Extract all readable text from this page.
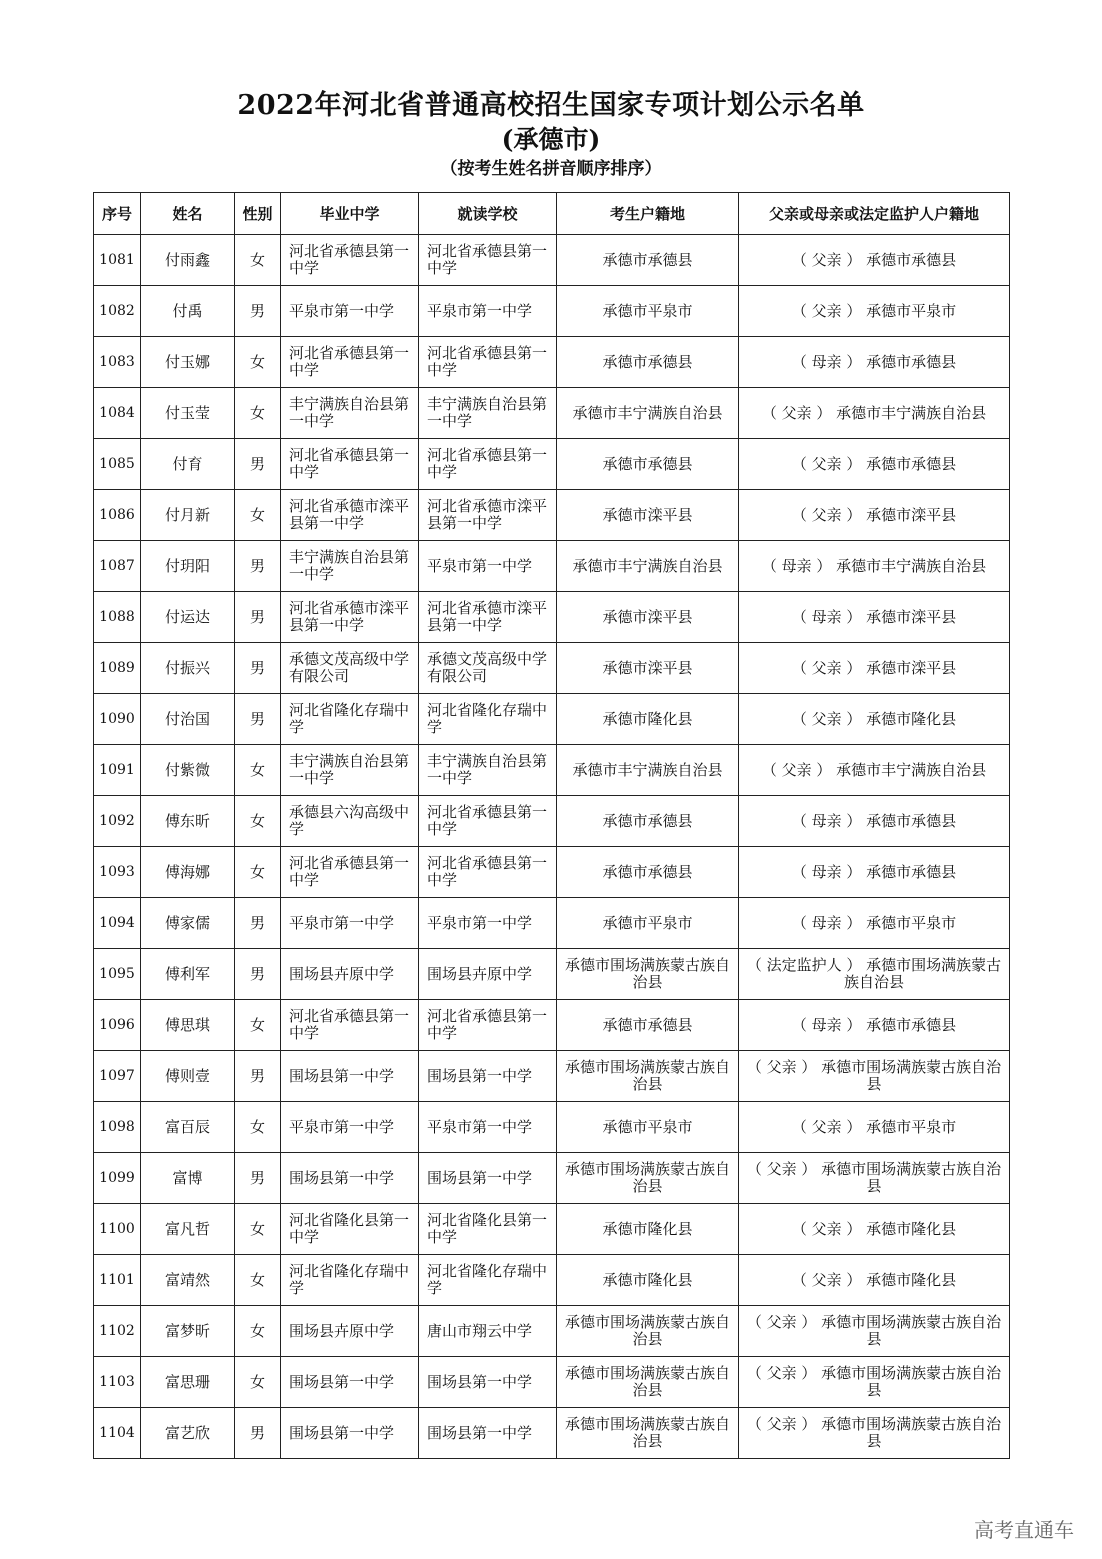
2022年河北省普通高校招生国家专项计划公示名单
(承德市)
（按考生姓名拼音顺序排序）
序号	姓名	性别	毕业中学	就读学校	考生户籍地	父亲或母亲或法定监护人户籍地
1081	付雨鑫	女	河北省承德县第一中学	河北省承德县第一中学	承德市承德县	（ 父亲 ） 承德市承德县
1082	付禹	男	平泉市第一中学	平泉市第一中学	承德市平泉市	（ 父亲 ） 承德市平泉市
1083	付玉娜	女	河北省承德县第一中学	河北省承德县第一中学	承德市承德县	（ 母亲 ） 承德市承德县
1084	付玉莹	女	丰宁满族自治县第一中学	丰宁满族自治县第一中学	承德市丰宁满族自治县	（ 父亲 ） 承德市丰宁满族自治县
1085	付育	男	河北省承德县第一中学	河北省承德县第一中学	承德市承德县	（ 父亲 ） 承德市承德县
1086	付月新	女	河北省承德市滦平县第一中学	河北省承德市滦平县第一中学	承德市滦平县	（ 父亲 ） 承德市滦平县
1087	付玥阳	男	丰宁满族自治县第一中学	平泉市第一中学	承德市丰宁满族自治县	（ 母亲 ） 承德市丰宁满族自治县
1088	付运达	男	河北省承德市滦平县第一中学	河北省承德市滦平县第一中学	承德市滦平县	（ 母亲 ） 承德市滦平县
1089	付振兴	男	承德文茂高级中学有限公司	承德文茂高级中学有限公司	承德市滦平县	（ 父亲 ） 承德市滦平县
1090	付治国	男	河北省隆化存瑞中学	河北省隆化存瑞中学	承德市隆化县	（ 父亲 ） 承德市隆化县
1091	付紫微	女	丰宁满族自治县第一中学	丰宁满族自治县第一中学	承德市丰宁满族自治县	（ 父亲 ） 承德市丰宁满族自治县
1092	傅东昕	女	承德县六沟高级中学	河北省承德县第一中学	承德市承德县	（ 母亲 ） 承德市承德县
1093	傅海娜	女	河北省承德县第一中学	河北省承德县第一中学	承德市承德县	（ 母亲 ） 承德市承德县
1094	傅家儒	男	平泉市第一中学	平泉市第一中学	承德市平泉市	（ 母亲 ） 承德市平泉市
1095	傅利军	男	围场县卉原中学	围场县卉原中学	承德市围场满族蒙古族自治县	（ 法定监护人 ） 承德市围场满族蒙古族自治县
1096	傅思琪	女	河北省承德县第一中学	河北省承德县第一中学	承德市承德县	（ 母亲 ） 承德市承德县
1097	傅则壹	男	围场县第一中学	围场县第一中学	承德市围场满族蒙古族自治县	（ 父亲 ） 承德市围场满族蒙古族自治县
1098	富百辰	女	平泉市第一中学	平泉市第一中学	承德市平泉市	（ 父亲 ） 承德市平泉市
1099	富博	男	围场县第一中学	围场县第一中学	承德市围场满族蒙古族自治县	（ 父亲 ） 承德市围场满族蒙古族自治县
1100	富凡哲	女	河北省隆化县第一中学	河北省隆化县第一中学	承德市隆化县	（ 父亲 ） 承德市隆化县
1101	富靖然	女	河北省隆化存瑞中学	河北省隆化存瑞中学	承德市隆化县	（ 父亲 ） 承德市隆化县
1102	富梦昕	女	围场县卉原中学	唐山市翔云中学	承德市围场满族蒙古族自治县	（ 父亲 ） 承德市围场满族蒙古族自治县
1103	富思珊	女	围场县第一中学	围场县第一中学	承德市围场满族蒙古族自治县	（ 父亲 ） 承德市围场满族蒙古族自治县
1104	富艺欣	男	围场县第一中学	围场县第一中学	承德市围场满族蒙古族自治县	（ 父亲 ） 承德市围场满族蒙古族自治县
高考直通车
